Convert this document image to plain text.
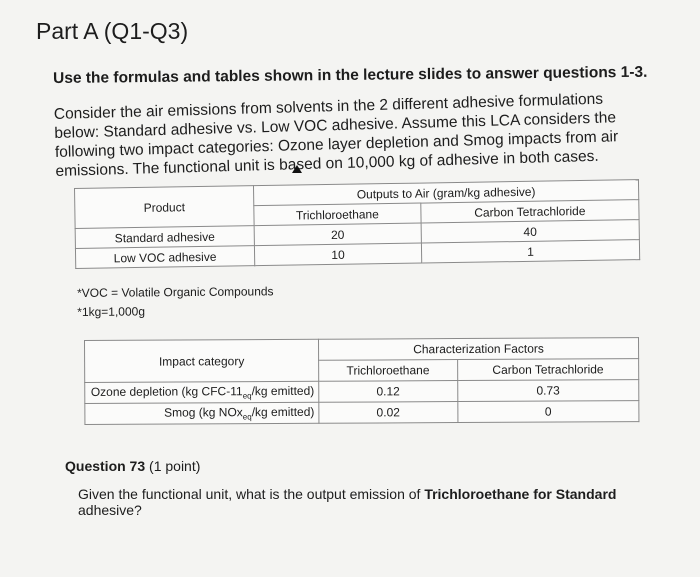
Part A (Q1-Q3)
Use the formulas and tables shown in the lecture slides to answer questions 1-3.

Consider the air emissions from solvents in the 2 different adhesive formulations below: Standard adhesive vs. Low VOC adhesive. Assume this LCA considers the following two impact categories: Ozone layer depletion and Smog impacts from air emissions. The functional unit is based on 10,000 kg of adhesive in both cases.

Product	Outputs to Air (gram/kg adhesive)	
	Trichloroethane	Carbon Tetrachloride
Standard adhesive	20	40
Low VOC adhesive	10	1
*VOC = Volatile Organic Compounds
*1kg=1,000g
Impact category	Characterization Factors	
	Trichloroethane	Carbon Tetrachloride
Ozone depletion (kg CFC-$11_{eq}/kg$ emitted)	0.12	0.73
Smog (kg NOx$_{eq}$/kg emitted)	0.02	0
Question 73 (1 point)
Given the functional unit, what is the output emission of Trichloroethane for Standard
adhesive?
